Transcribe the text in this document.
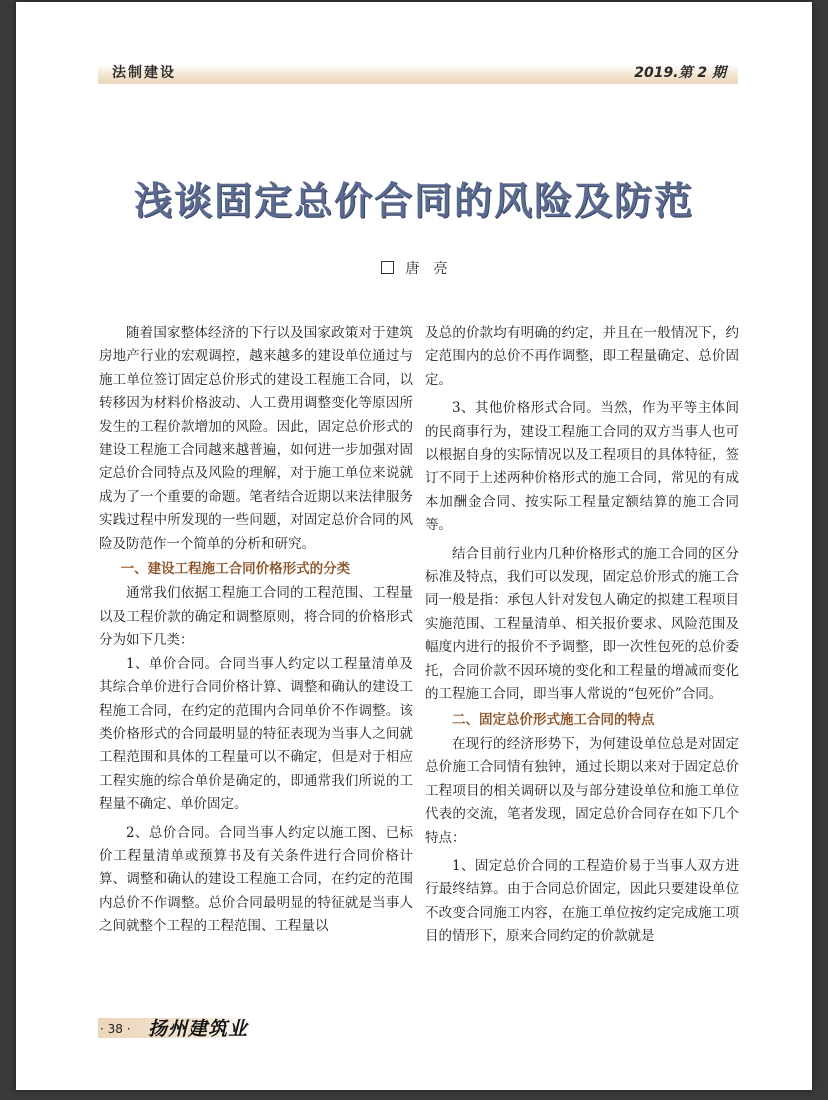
法制建设	2019.第 2 期
浅谈固定总价合同的风险及防范
唐　亮

随着国家整体经济的下行以及国家政策对于建筑房地产行业的宏观调控，越来越多的建设单位通过与施工单位签订固定总价形式的建设工程施工合同，以转移因为材料价格波动、人工费用调整变化等原因所发生的工程价款增加的风险。因此，固定总价形式的建设工程施工合同越来越普遍，如何进一步加强对固定总价合同特点及风险的理解，对于施工单位来说就成为了一个重要的命题。笔者结合近期以来法律服务实践过程中所发现的一些问题，对固定总价合同的风险及防范作一个简单的分析和研究。

一、建设工程施工合同价格形式的分类

通常我们依据工程施工合同的工程范围、工程量以及工程价款的确定和调整原则，将合同的价格形式分为如下几类：

1、单价合同。合同当事人约定以工程量清单及其综合单价进行合同价格计算、调整和确认的建设工程施工合同，在约定的范围内合同单价不作调整。该类价格形式的合同最明显的特征表现为当事人之间就工程范围和具体的工程量可以不确定，但是对于相应工程实施的综合单价是确定的，即通常我们所说的工程量不确定、单价固定。

2、总价合同。合同当事人约定以施工图、已标价工程量清单或预算书及有关条件进行合同价格计算、调整和确认的建设工程施工合同，在约定的范围内总价不作调整。总价合同最明显的特征就是当事人之间就整个工程的工程范围、工程量以

及总的价款均有明确的约定，并且在一般情况下，约定范围内的总价不再作调整，即工程量确定、总价固定。

3、其他价格形式合同。当然，作为平等主体间的民商事行为，建设工程施工合同的双方当事人也可以根据自身的实际情况以及工程项目的具体特征，签订不同于上述两种价格形式的施工合同，常见的有成本加酬金合同、按实际工程量定额结算的施工合同等。

结合目前行业内几种价格形式的施工合同的区分标准及特点，我们可以发现，固定总价形式的施工合同一般是指：承包人针对发包人确定的拟建工程项目实施范围、工程量清单、相关报价要求、风险范围及幅度内进行的报价不予调整，即一次性包死的总价委托，合同价款不因环境的变化和工程量的增减而变化的工程施工合同，即当事人常说的“包死价”合同。

二、固定总价形式施工合同的特点

在现行的经济形势下，为何建设单位总是对固定总价施工合同情有独钟，通过长期以来对于固定总价工程项目的相关调研以及与部分建设单位和施工单位代表的交流，笔者发现，固定总价合同存在如下几个特点：

1、固定总价合同的工程造价易于当事人双方进行最终结算。由于合同总价固定，因此只要建设单位不改变合同施工内容，在施工单位按约定完成施工项目的情形下，原来合同约定的价款就是

· 38 · 扬州建筑业
